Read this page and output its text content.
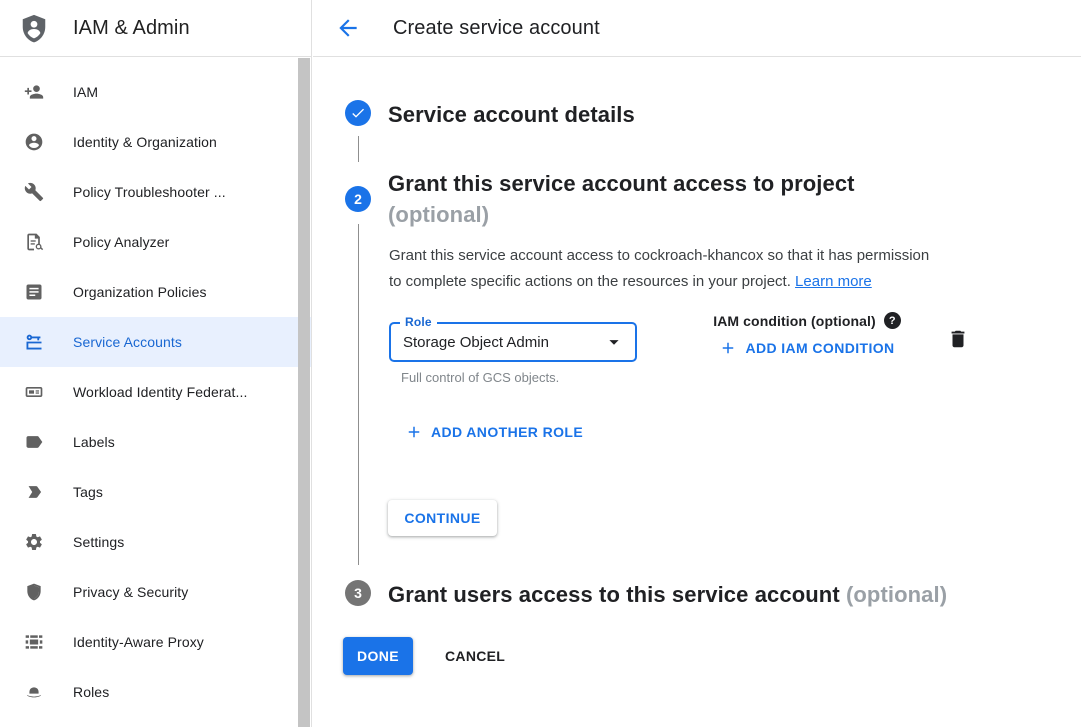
IAM & Admin
IAM
Identity & Organization
Policy Troubleshooter ...
Policy Analyzer
Organization Policies
Service Accounts
Workload Identity Federat...
Labels
Tags
Settings
Privacy & Security
Identity-Aware Proxy
Roles
Create service account
Service account details
2
Grant this service account access to project
(optional)
Grant this service account access to cockroach-khancox so that it has permission
to complete specific actions on the resources in your project. Learn more
Role
Storage Object Admin
Full control of GCS objects.
IAM condition (optional)	?
ADD IAM CONDITION
ADD ANOTHER ROLE
CONTINUE
3	Grant users access to this service account (optional)
DONE	CANCEL
